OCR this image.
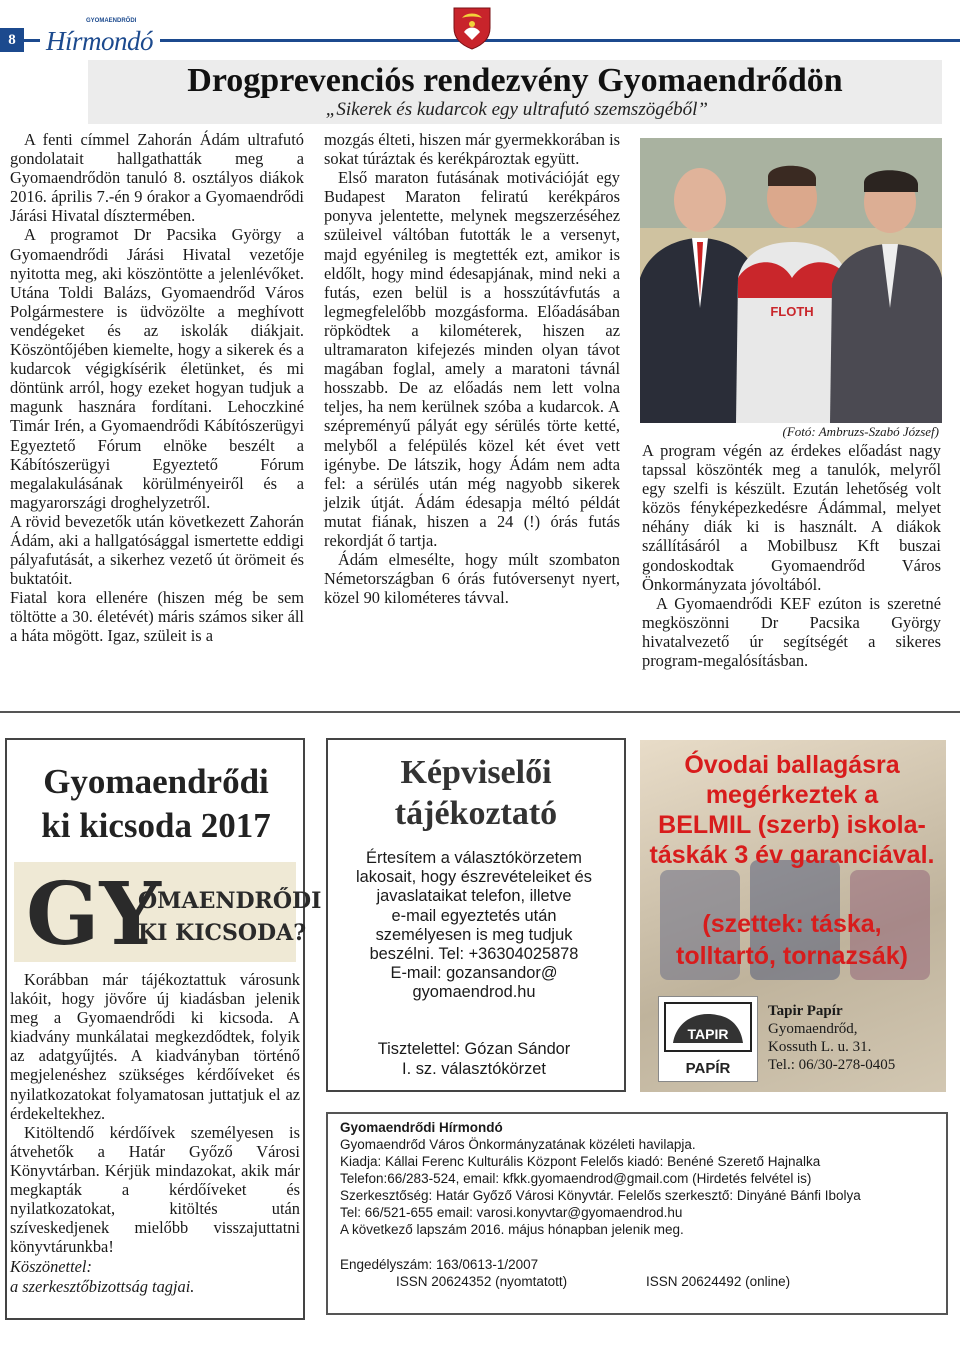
8
GYOMAENDRŐDI
Hírmondó
Drogprevenciós rendezvény Gyomaendrődön
„Sikerek és kudarcok egy ultrafutó szemszögéből”

A fenti címmel Zahorán Ádám ultrafutó gondolatait hallgathatták meg a Gyomaendrődön tanuló 8. osztályos diákok 2016. április 7.-én 9 órakor a Gyomaendrődi Járási Hivatal dísztermében.

A programot Dr Pacsika György a Gyomaendrődi Járási Hivatal vezetője nyitotta meg, aki köszöntötte a jelenlévőket. Utána Toldi Balázs, Gyomaendrőd Város Polgármestere is üdvözölte a meghívott vendégeket és az iskolák diákjait. Köszöntőjében kiemelte, hogy a sikerek és a kudarcok végigkísérik életünket, és mi döntünk arról, hogy ezeket hogyan tudjuk a magunk hasznára fordítani. Lehoczkiné Timár Irén, a Gyomaendrődi Kábítószerügyi Egyeztető Fórum elnöke beszélt a Kábítószerügyi Egyeztető Fórum megalakulásának körülményeiről és a magyarországi droghelyzetről.

A rövid bevezetők után következett Zahorán Ádám, aki a hallgatósággal ismertette eddigi pályafutását, a sikerhez vezető út örömeit és buktatóit.

Fiatal kora ellenére (hiszen még be sem töltötte a 30. életévét) máris számos siker áll a háta mögött. Igaz, szüleit is a

mozgás élteti, hiszen már gyermekkorában is sokat túráztak és kerékpároztak együtt.

Első maraton futásának motivációját egy Budapest Maraton feliratú kerékpáros ponyva jelentette, melynek megszerzéséhez szüleivel váltóban futották le a versenyt, majd egyénileg is megtették ezt, amikor is eldőlt, hogy mind édesapjának, mind neki a futás, ezen belül is a hosszútávfutás a legmegfelelőbb mozgásforma. Előadásában röpködtek a kilométerek, hiszen az ultramaraton kifejezés minden olyan távot magában foglal, amely a maratoni távnál hosszabb. De az előadás nem lett volna teljes, ha nem kerülnek szóba a kudarcok. A szépreményű pályát egy sérülés törte ketté, melyből a felépülés közel két évet vett igénybe. De látszik, hogy Ádám nem adta fel: a sérülés után még nagyobb sikerek jelzik útját. Ádám édesapja méltó példát mutat fiának, hiszen a 24 (!) órás futás rekordját ő tartja.

Ádám elmesélte, hogy múlt szombaton Németországban 6 órás futóversenyt nyert, közel 90 kilométeres távval.

FLOTH
(Fotó: Ambruzs-Szabó József)

A program végén az érdekes előadást nagy tapssal köszönték meg a tanulók, melyről egy szelfi is készült. Ezután lehetőség volt közös fényképezkedésre Ádámmal, melyet néhány diák ki is használt. A diákok szállításáról a Mobilbusz Kft buszai gondoskodtak Gyomaendrőd Város Önkormányzata jóvoltából.

A Gyomaendrődi KEF ezúton is szeretné megköszönni Dr Pacsika György hivatalvezető úr segítségét a sikeres program-megalósításban.

Gyomaendrődi
ki kicsoda 2017
GY
OMAENDRŐDI
KI KICSODA?

Korábban már tájékoztattuk városunk lakóit, hogy jövőre új kiadásban jelenik meg a Gyomaendrődi ki kicsoda. A kiadvány munkálatai megkezdődtek, folyik az adatgyűjtés. A kiadványban történő megjelenéshez szükséges kérdőíveket és nyilatkozatokat folyamatosan juttatjuk el az érdekeltekhez.

Kitöltendő kérdőívek személyesen is átvehetők a Határ Győző Városi Könyvtárban. Kérjük mindazokat, akik már megkapták a kérdőíveket és nyilatkozatokat, kitöltés után szíveskedjenek mielőbb visszajuttatni könyvtárunkba!

Köszönettel:

a szerkesztőbizottság tagjai.

Képviselői
tájékoztató
Értesítem a választókörzetem
lakosait, hogy észrevételeiket és
javaslataikat telefon, illetve
e-mail egyeztetés után
személyesen is meg tudjuk
beszélni. Tel: +36304025878
E-mail: gozansandor@
gyomaendrod.hu
Tisztelettel: Gózan Sándor
I. sz. választókörzet
Óvodai ballagásra
megérkeztek a
BELMIL (szerb) iskola-
táskák 3 év garanciával.
(szettek: táska,
tolltartó, tornazsák)
TAPIR
PAPÍR
Tapir Papír
Gyomaendrőd,
Kossuth L. u. 31.
Tel.: 06/30-278-0405
Gyomaendrődi Hírmondó
Gyomaendrőd Város Önkormányzatának közéleti havilapja.
Kiadja: Kállai Ferenc Kulturális Központ Felelős kiadó: Benéné Szerető Hajnalka
Telefon:66/283-524, email: kfkk.gyomaendrod@gmail.com (Hirdetés felvétel is)
Szerkesztőség: Határ Győző Városi Könyvtár. Felelős szerkesztő: Dinyáné Bánfi Ibolya
Tel: 66/521-655 email: varosi.konyvtar@gyomaendrod.hu
A következő lapszám 2016. május hónapban jelenik meg.
Engedélyszám: 163/0613-1/2007
ISSN 20624352 (nyomtatott)	ISSN 20624492 (online)
